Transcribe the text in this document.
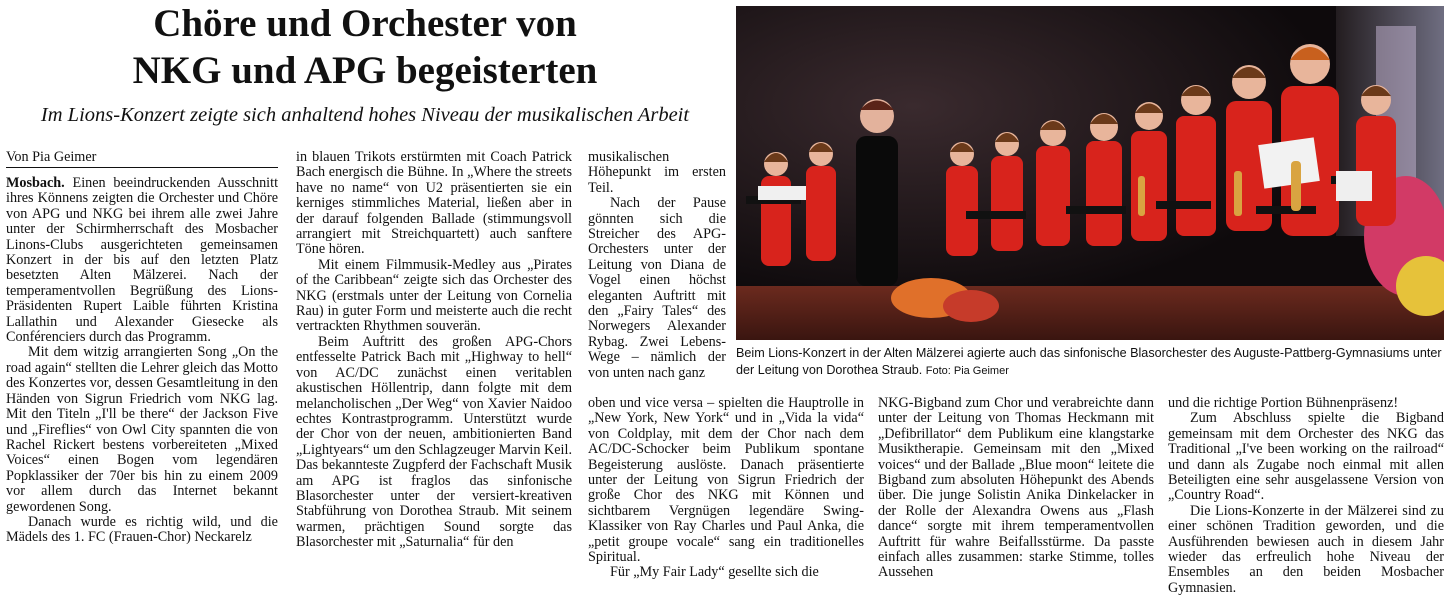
Chöre und Orchester von
NKG und APG begeisterten

Im Lions-Konzert zeigte sich anhaltend hohes Niveau der musikalischen Arbeit

Von Pia Geimer

Mosbach. Einen beeindruckenden Ausschnitt ihres Könnens zeigten die Orchester und Chöre von APG und NKG bei ihrem alle zwei Jahre unter der Schirmherrschaft des Mosbacher Linons-Clubs ausgerichteten gemeinsamen Konzert in der bis auf den letzten Platz besetzten Alten Mälzerei. Nach der temperamentvollen Begrüßung des Lions-Präsidenten Rupert Laible führten Kristina Lallathin und Alexander Giesecke als Conférenciers durch das Programm.

Mit dem witzig arrangierten Song „On the road again“ stellten die Lehrer gleich das Motto des Konzertes vor, dessen Gesamtleitung in den Händen von Sigrun Friedrich vom NKG lag. Mit den Titeln „I'll be there“ der Jackson Five und „Fireflies“ von Owl City spannten die von Rachel Rickert bestens vorbereiteten „Mixed Voices“ einen Bogen vom legendären Popklassiker der 70er bis hin zu einem 2009 vor allem durch das Internet bekannt gewordenen Song.

Danach wurde es richtig wild, und die Mädels des 1. FC (Frauen-Chor) Neckarelz

in blauen Trikots erstürmten mit Coach Patrick Bach energisch die Bühne. In „Where the streets have no name“ von U2 präsentierten sie ein kerniges stimmliches Material, ließen aber in der darauf folgenden Ballade (stimmungsvoll arrangiert mit Streichquartett) auch sanftere Töne hören.

Mit einem Filmmusik-Medley aus „Pirates of the Caribbean“ zeigte sich das Orchester des NKG (erstmals unter der Leitung von Cornelia Rau) in guter Form und meisterte auch die recht vertrackten Rhythmen souverän.

Beim Auftritt des großen APG-Chors entfesselte Patrick Bach mit „Highway to hell“ von AC/DC zunächst einen veritablen akustischen Höllentrip, dann folgte mit dem melancholischen „Der Weg“ von Xavier Naidoo echtes Kontrastprogramm. Unterstützt wurde der Chor von der neuen, ambitionierten Band „Lightyears“ um den Schlagzeuger Marvin Keil. Das bekannteste Zugpferd der Fachschaft Musik am APG ist fraglos das sinfonische Blasorchester unter der versiert-kreativen Stabführung von Dorothea Straub. Mit seinem warmen, prächtigen Sound sorgte das Blasorchester mit „Saturnalia“ für den

musikalischen Höhepunkt im ersten Teil.

Nach der Pause gönnten sich die Streicher des APG-Orchesters unter der Leitung von Diana de Vogel einen höchst eleganten Auftritt mit den „Fairy Tales“ des Norwegers Alexander Rybag. Zwei Lebens-Wege – nämlich der von unten nach ganz

Beim Lions-Konzert in der Alten Mälzerei agierte auch das sinfonische Blasorchester des Auguste-Pattberg-Gymnasiums unter der Leitung von Dorothea Straub. Foto: Pia Geimer

oben und vice versa – spielten die Hauptrolle in „New York, New York“ und in „Vida la vida“ von Coldplay, mit dem der Chor nach dem AC/DC-Schocker beim Publikum spontane Begeisterung auslöste. Danach präsentierte unter der Leitung von Sigrun Friedrich der große Chor des NKG mit Können und sichtbarem Vergnügen legendäre Swing-Klassiker von Ray Charles und Paul Anka, die „petit groupe vocale“ sang ein traditionelles Spiritual.

Für „My Fair Lady“ gesellte sich die

NKG-Bigband zum Chor und verabreichte dann unter der Leitung von Thomas Heckmann mit „Defibrillator“ dem Publikum eine klangstarke Musiktherapie. Gemeinsam mit den „Mixed voices“ und der Ballade „Blue moon“ leitete die Bigband zum absoluten Höhepunkt des Abends über. Die junge Solistin Anika Dinkelacker in der Rolle der Alexandra Owens aus „Flash dance“ sorgte mit ihrem temperamentvollen Auftritt für wahre Beifallsstürme. Da passte einfach alles zusammen: starke Stimme, tolles Aussehen

und die richtige Portion Bühnenpräsenz!

Zum Abschluss spielte die Bigband gemeinsam mit dem Orchester des NKG das Traditional „I've been working on the railroad“ und dann als Zugabe noch einmal mit allen Beteiligten eine sehr ausgelassene Version von „Country Road“.

Die Lions-Konzerte in der Mälzerei sind zu einer schönen Tradition geworden, und die Ausführenden bewiesen auch in diesem Jahr wieder das erfreulich hohe Niveau der Ensembles an den beiden Mosbacher Gymnasien.
